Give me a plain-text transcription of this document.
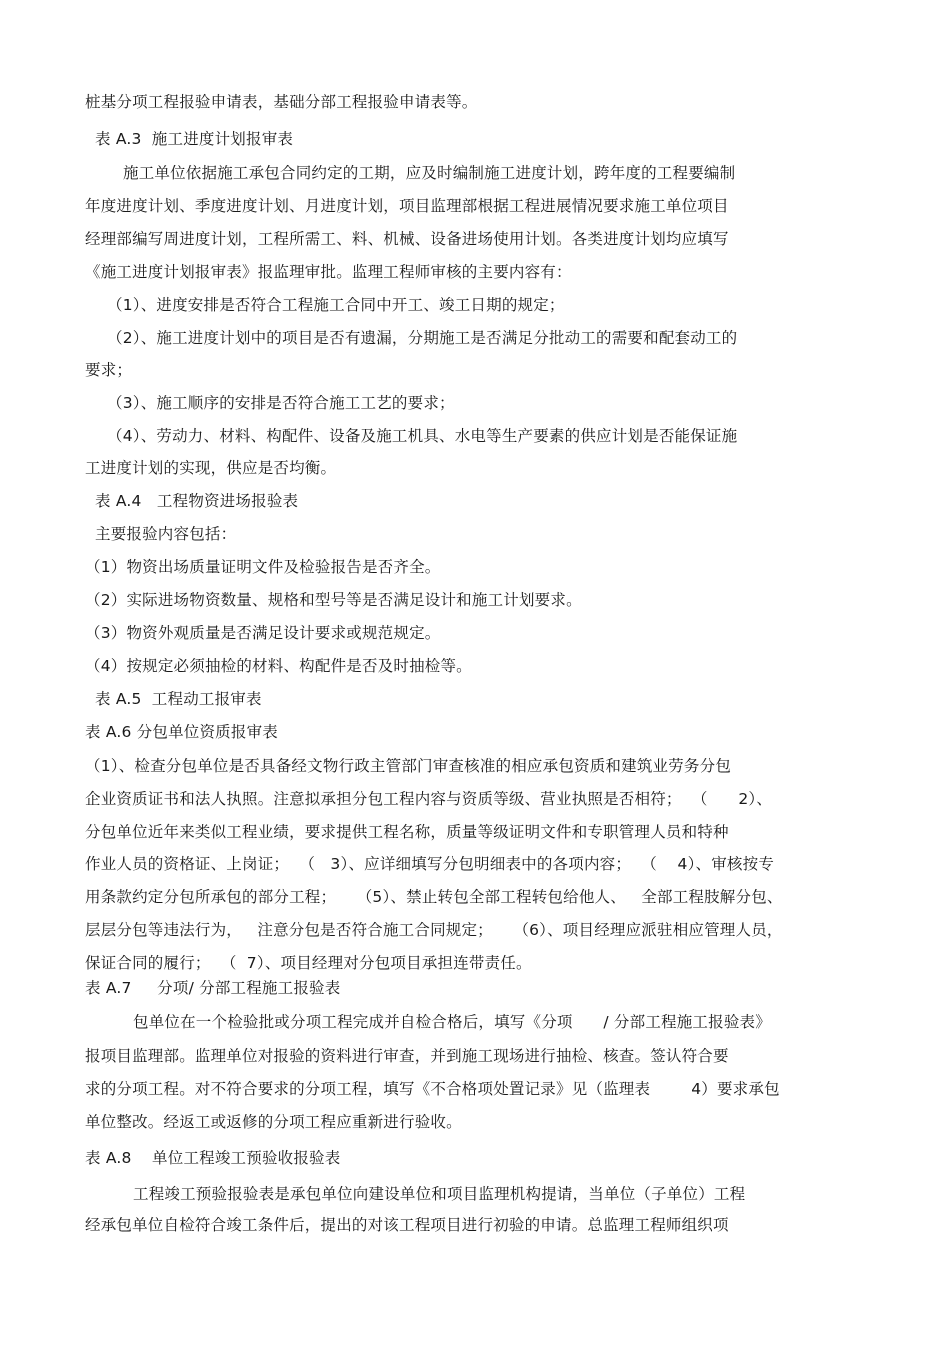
桩基分项工程报验申请表，基础分部工程报验申请表等。
表 A.3  施工进度计划报审表
施工单位依据施工承包合同约定的工期，应及时编制施工进度计划，跨年度的工程要编制
年度进度计划、季度进度计划、月进度计划，项目监理部根据工程进展情况要求施工单位项目
经理部编写周进度计划，工程所需工、料、机械、设备进场使用计划。各类进度计划均应填写
《施工进度计划报审表》报监理审批。监理工程师审核的主要内容有：
（1）、进度安排是否符合工程施工合同中开工、竣工日期的规定；
（2）、施工进度计划中的项目是否有遗漏，分期施工是否满足分批动工的需要和配套动工的
要求；
（3）、施工顺序的安排是否符合施工工艺的要求；
（4）、劳动力、材料、构配件、设备及施工机具、水电等生产要素的供应计划是否能保证施
工进度计划的实现，供应是否均衡。
表 A.4   工程物资进场报验表
主要报验内容包括：
（1）物资出场质量证明文件及检验报告是否齐全。
（2）实际进场物资数量、规格和型号等是否满足设计和施工计划要求。
（3）物资外观质量是否满足设计要求或规范规定。
（4）按规定必须抽检的材料、构配件是否及时抽检等。
表 A.5  工程动工报审表
表 A.6 分包单位资质报审表
（1）、检查分包单位是否具备经文物行政主管部门审查核准的相应承包资质和建筑业劳务分包
企业资质证书和法人执照。注意拟承担分包工程内容与资质等级、营业执照是否相符；  （      2）、
分包单位近年来类似工程业绩，要求提供工程名称，质量等级证明文件和专职管理人员和特种
作业人员的资格证、上岗证；  （   3）、应详细填写分包明细表中的各项内容；  （    4）、审核按专
用条款约定分包所承包的部分工程；    （5）、禁止转包全部工程转包给他人、   全部工程肢解分包、
层层分包等违法行为，   注意分包是否符合施工合同规定；    （6）、项目经理应派驻相应管理人员，
保证合同的履行；  （  7）、项目经理对分包项目承担连带责任。
表 A.7     分项/ 分部工程施工报验表
包单位在一个检验批或分项工程完成并自检合格后，填写《分项      / 分部工程施工报验表》
报项目监理部。监理单位对报验的资料进行审查，并到施工现场进行抽检、核查。签认符合要
求的分项工程。对不符合要求的分项工程，填写《不合格项处置记录》见（监理表        4）要求承包
单位整改。经返工或返修的分项工程应重新进行验收。
表 A.8    单位工程竣工预验收报验表
工程竣工预验报验表是承包单位向建设单位和项目监理机构提请，当单位（子单位）工程
经承包单位自检符合竣工条件后，提出的对该工程项目进行初验的申请。总监理工程师组织项
